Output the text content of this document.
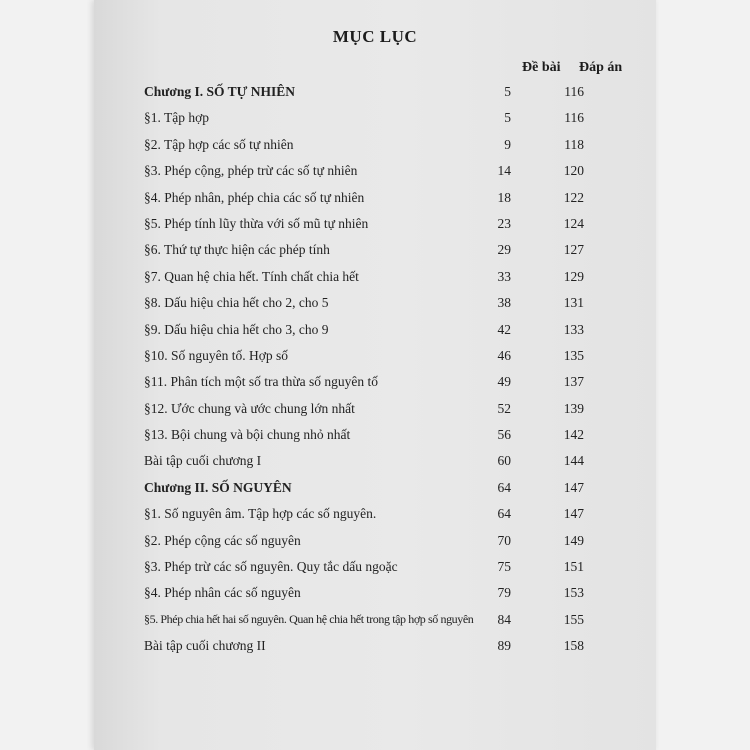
MỤC LỤC
Đề bài Đáp án
Chương I. SỐ TỰ NHIÊN	5	116
§1. Tập hợp	5	116
§2. Tập hợp các số tự nhiên	9	118
§3. Phép cộng, phép trừ các số tự nhiên	14	120
§4. Phép nhân, phép chia các số tự nhiên	18	122
§5. Phép tính lũy thừa với số mũ tự nhiên	23	124
§6. Thứ tự thực hiện các phép tính	29	127
§7. Quan hệ chia hết. Tính chất chia hết	33	129
§8. Dấu hiệu chia hết cho 2, cho 5	38	131
§9. Dấu hiệu chia hết cho 3, cho 9	42	133
§10. Số nguyên tố. Hợp số	46	135
§11. Phân tích một số tra thừa số nguyên tố	49	137
§12. Ước chung và ước chung lớn nhất	52	139
§13. Bội chung và bội chung nhỏ nhất	56	142
Bài tập cuối chương I	60	144
Chương II. SỐ NGUYÊN	64	147
§1. Số nguyên âm. Tập hợp các số nguyên.	64	147
§2. Phép cộng các số nguyên	70	149
§3. Phép trừ các số nguyên. Quy tắc dấu ngoặc	75	151
§4. Phép nhân các số nguyên	79	153
§5. Phép chia hết hai số nguyên. Quan hệ chia hết trong tập hợp số nguyên 84	155
Bài tập cuối chương II	89	158
